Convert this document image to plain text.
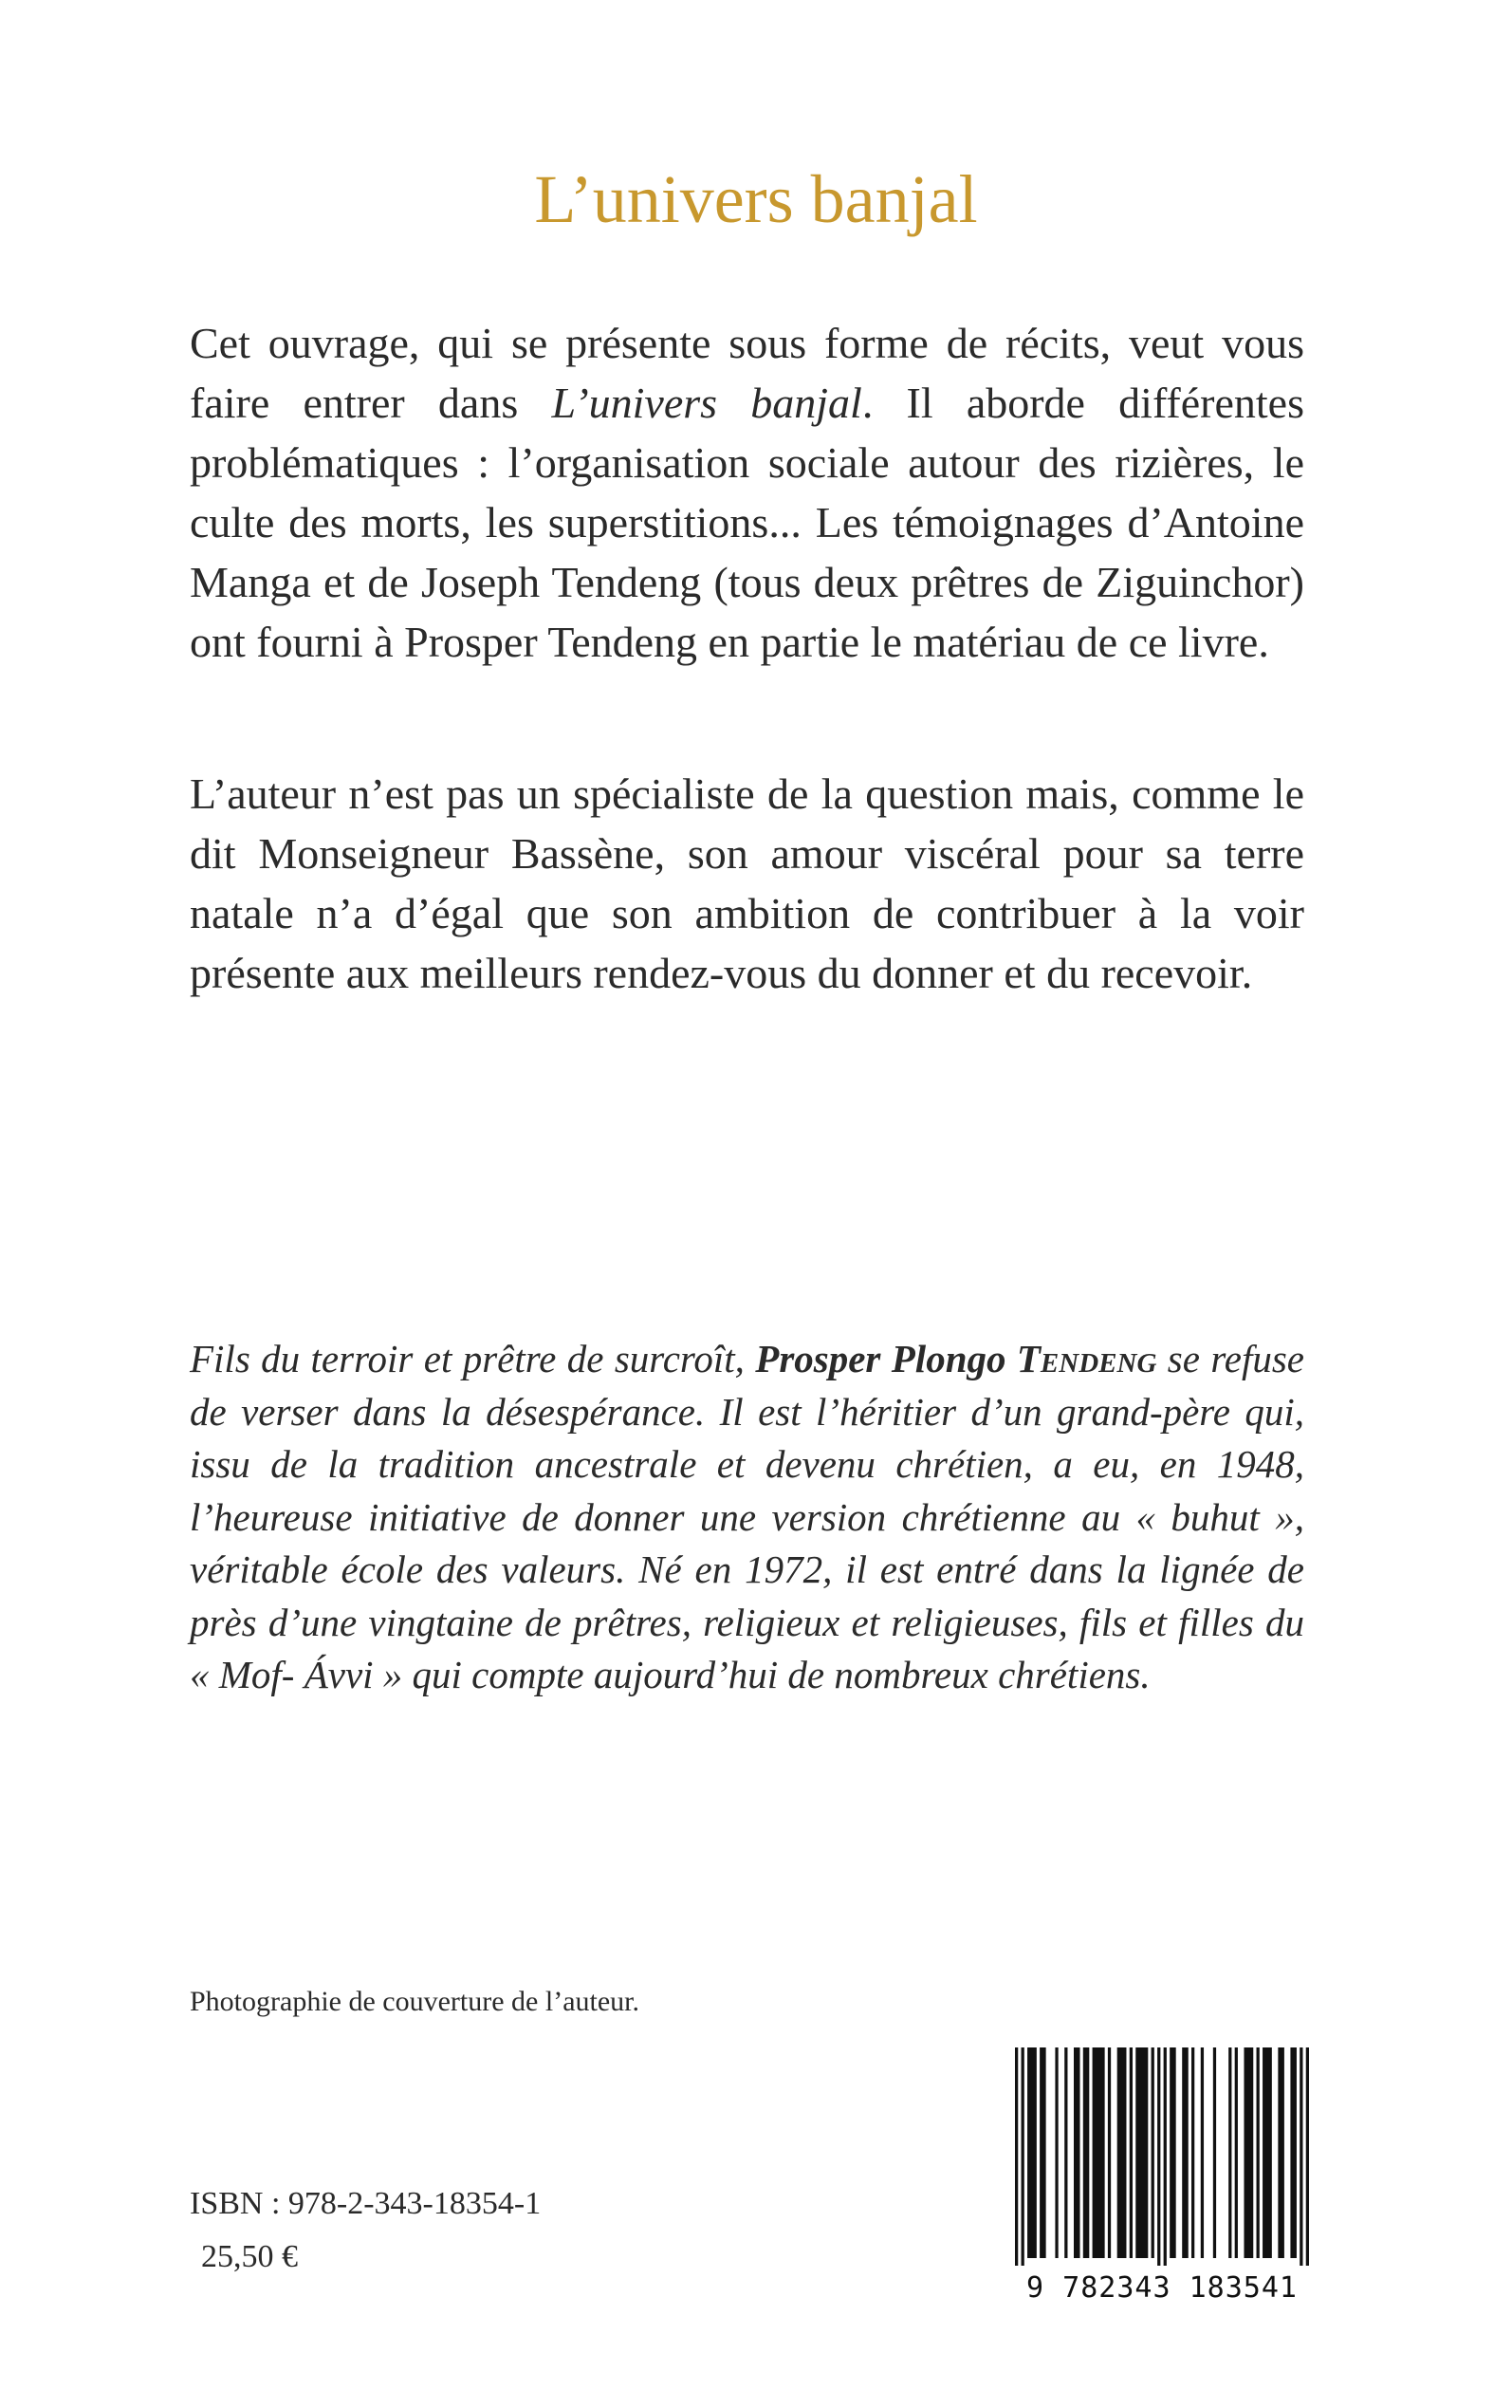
L’univers banjal

Cet ouvrage, qui se présente sous forme de récits, veut vous faire entrer dans L’univers banjal. Il aborde différentes problématiques : l’organisation sociale autour des rizières, le culte des morts, les superstitions... Les témoignages d’Antoine Manga et de Joseph Tendeng (tous deux prêtres de Ziguinchor) ont fourni à Prosper Tendeng en partie le matériau de ce livre.

L’auteur n’est pas un spécialiste de la question mais, comme le dit Monseigneur Bassène, son amour viscéral pour sa terre natale n’a d’égal que son ambition de contribuer à la voir présente aux meilleurs rendez-vous du donner et du recevoir.

Fils du terroir et prêtre de surcroît, Prosper Plongo Tendeng se refuse de verser dans la désespérance. Il est l’héritier d’un grand-père qui, issu de la tradition ancestrale et devenu chrétien, a eu, en 1948, l’heureuse initiative de donner une version chrétienne au « buhut », véritable école des valeurs. Né en 1972, il est entré dans la lignée de près d’une vingtaine de prêtres, religieux et religieuses, fils et filles du « Mof- Ávvi » qui compte aujourd’hui de nombreux chrétiens.

Photographie de couverture de l’auteur.

ISBN : 978-2-343-18354-1

25,50 €

9 782343 183541
